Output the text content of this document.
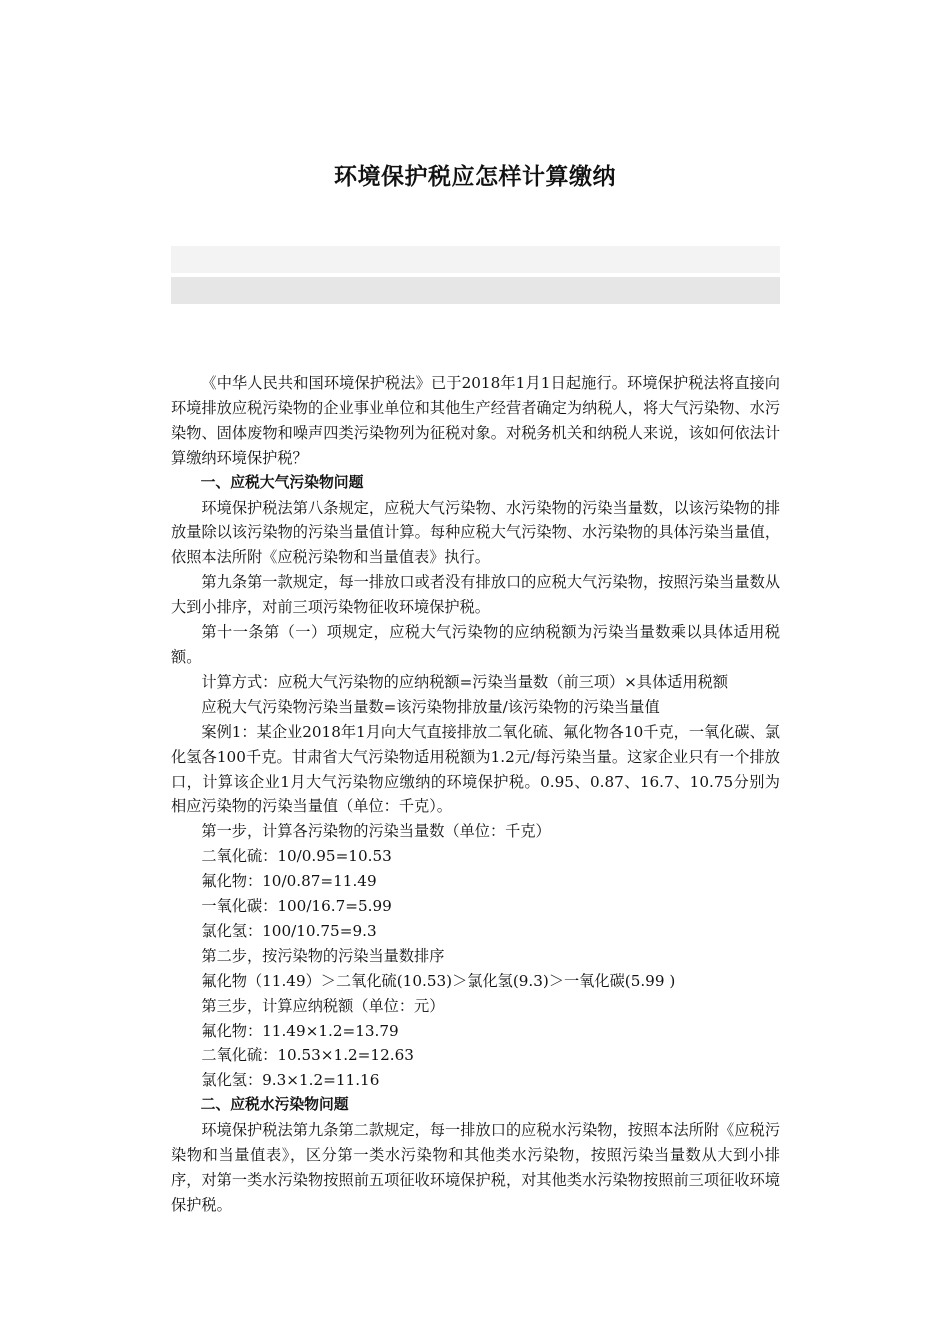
环境保护税应怎样计算缴纳

《中华人民共和国环境保护税法》已于2018年1月1日起施行。环境保护税法将直接向环境排放应税污染物的企业事业单位和其他生产经营者确定为纳税人，将大气污染物、水污染物、固体废物和噪声四类污染物列为征税对象。对税务机关和纳税人来说，该如何依法计算缴纳环境保护税？

一、应税大气污染物问题

环境保护税法第八条规定，应税大气污染物、水污染物的污染当量数，以该污染物的排放量除以该污染物的污染当量值计算。每种应税大气污染物、水污染物的具体污染当量值，依照本法所附《应税污染物和当量值表》执行。

第九条第一款规定，每一排放口或者没有排放口的应税大气污染物，按照污染当量数从大到小排序，对前三项污染物征收环境保护税。

第十一条第（一）项规定，应税大气污染物的应纳税额为污染当量数乘以具体适用税额。

计算方式：应税大气污染物的应纳税额=污染当量数（前三项）×具体适用税额

应税大气污染物污染当量数=该污染物排放量/该污染物的污染当量值

案例1：某企业2018年1月向大气直接排放二氧化硫、氟化物各10千克，一氧化碳、氯化氢各100千克。甘肃省大气污染物适用税额为1.2元/每污染当量。这家企业只有一个排放口，计算该企业1月大气污染物应缴纳的环境保护税。0.95、0.87、16.7、10.75分别为相应污染物的污染当量值（单位：千克）。

第一步，计算各污染物的污染当量数（单位：千克）

二氧化硫：10/0.95=10.53

氟化物：10/0.87=11.49

一氧化碳：100/16.7=5.99

氯化氢：100/10.75=9.3

第二步，按污染物的污染当量数排序

氟化物（11.49）＞二氧化硫(10.53)＞氯化氢(9.3)＞一氧化碳(5.99 )

第三步，计算应纳税额（单位：元）

氟化物：11.49×1.2=13.79

二氧化硫：10.53×1.2=12.63

氯化氢：9.3×1.2=11.16

二、应税水污染物问题

环境保护税法第九条第二款规定，每一排放口的应税水污染物，按照本法所附《应税污染物和当量值表》，区分第一类水污染物和其他类水污染物，按照污染当量数从大到小排序，对第一类水污染物按照前五项征收环境保护税，对其他类水污染物按照前三项征收环境保护税。
